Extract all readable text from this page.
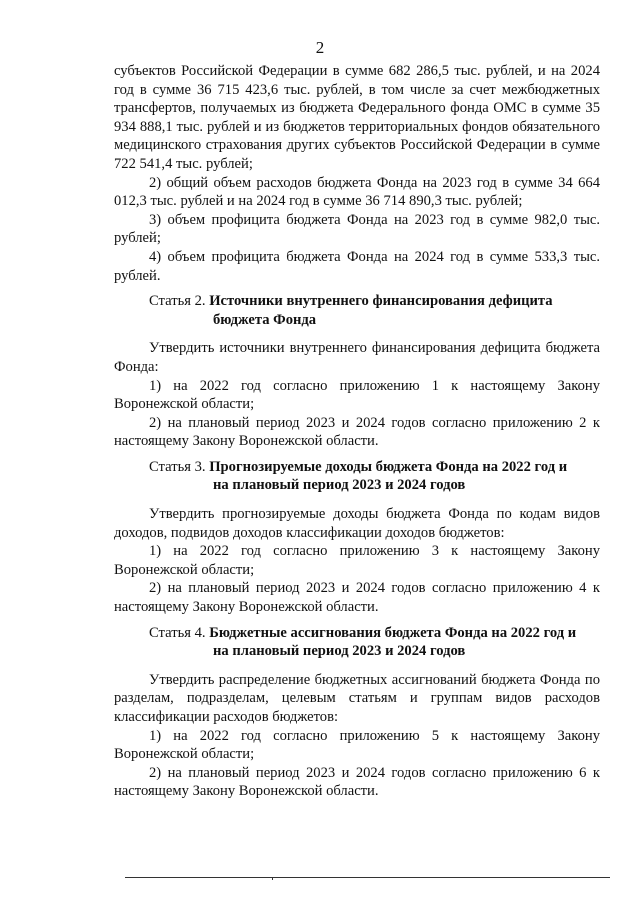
2

субъектов Российской Федерации в сумме 682 286,5 тыс. рублей, и на 2024 год в сумме 36 715 423,6 тыс. рублей, в том числе за счет межбюджетных трансфертов, получаемых из бюджета Федерального фонда ОМС в сумме 35 934 888,1 тыс. рублей и из бюджетов территориальных фондов обязательного медицинского страхования других субъектов Российской Федерации в сумме 722 541,4 тыс. рублей;

2) общий объем расходов бюджета Фонда на 2023 год в сумме 34 664 012,3 тыс. рублей и на 2024 год в сумме 36 714 890,3 тыс. рублей;

3) объем профицита бюджета Фонда на 2023 год в сумме 982,0 тыс. рублей;

4) объем профицита бюджета Фонда на 2024 год в сумме 533,3 тыс. рублей.

Статья 2. Источники внутреннего финансирования дефицита
бюджета Фонда

Утвердить источники внутреннего финансирования дефицита бюджета Фонда:

1) на 2022 год согласно приложению 1 к настоящему Закону Воронежской области;

2) на плановый период 2023 и 2024 годов согласно приложению 2 к настоящему Закону Воронежской области.

Статья 3. Прогнозируемые доходы бюджета Фонда на 2022 год и
на плановый период 2023 и 2024 годов

Утвердить прогнозируемые доходы бюджета Фонда по кодам видов доходов, подвидов доходов классификации доходов бюджетов:

1) на 2022 год согласно приложению 3 к настоящему Закону Воронежской области;

2) на плановый период 2023 и 2024 годов согласно приложению 4 к настоящему Закону Воронежской области.

Статья 4. Бюджетные ассигнования бюджета Фонда на 2022 год и
на плановый период 2023 и 2024 годов

Утвердить распределение бюджетных ассигнований бюджета Фонда по разделам, подразделам, целевым статьям и группам видов расходов классификации расходов бюджетов:

1) на 2022 год согласно приложению 5 к настоящему Закону Воронежской области;

2) на плановый период 2023 и 2024 годов согласно приложению 6 к настоящему Закону Воронежской области.
